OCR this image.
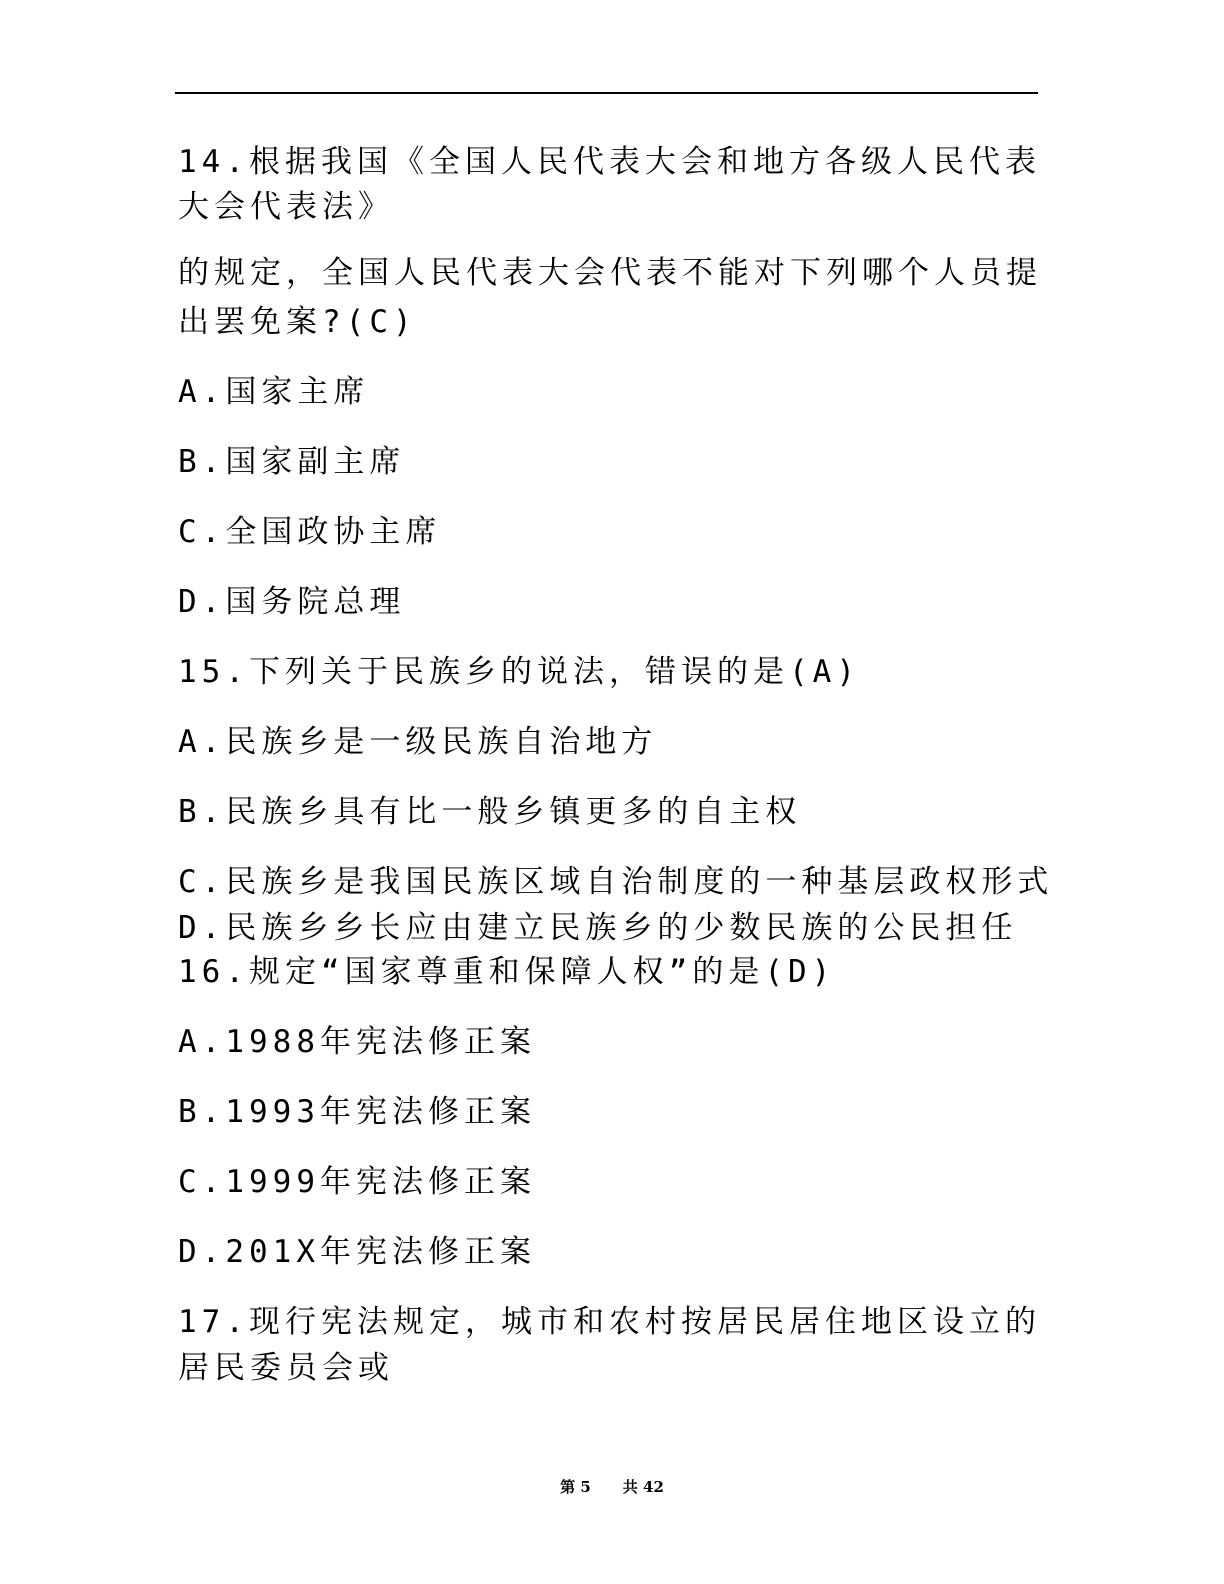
14.根据我国《全国人民代表大会和地方各级人民代表
大会代表法》
的规定，全国人民代表大会代表不能对下列哪个人员提
出罢免案?(C)
A.国家主席
B.国家副主席
C.全国政协主席
D.国务院总理
15.下列关于民族乡的说法，错误的是(A)
A.民族乡是一级民族自治地方
B.民族乡具有比一般乡镇更多的自主权
C.民族乡是我国民族区域自治制度的一种基层政权形式
D.民族乡乡长应由建立民族乡的少数民族的公民担任
16.规定“国家尊重和保障人权”的是(D)
A.1988年宪法修正案
B.1993年宪法修正案
C.1999年宪法修正案
D.201X年宪法修正案
17.现行宪法规定，城市和农村按居民居住地区设立的
居民委员会或
第 5 共 42
